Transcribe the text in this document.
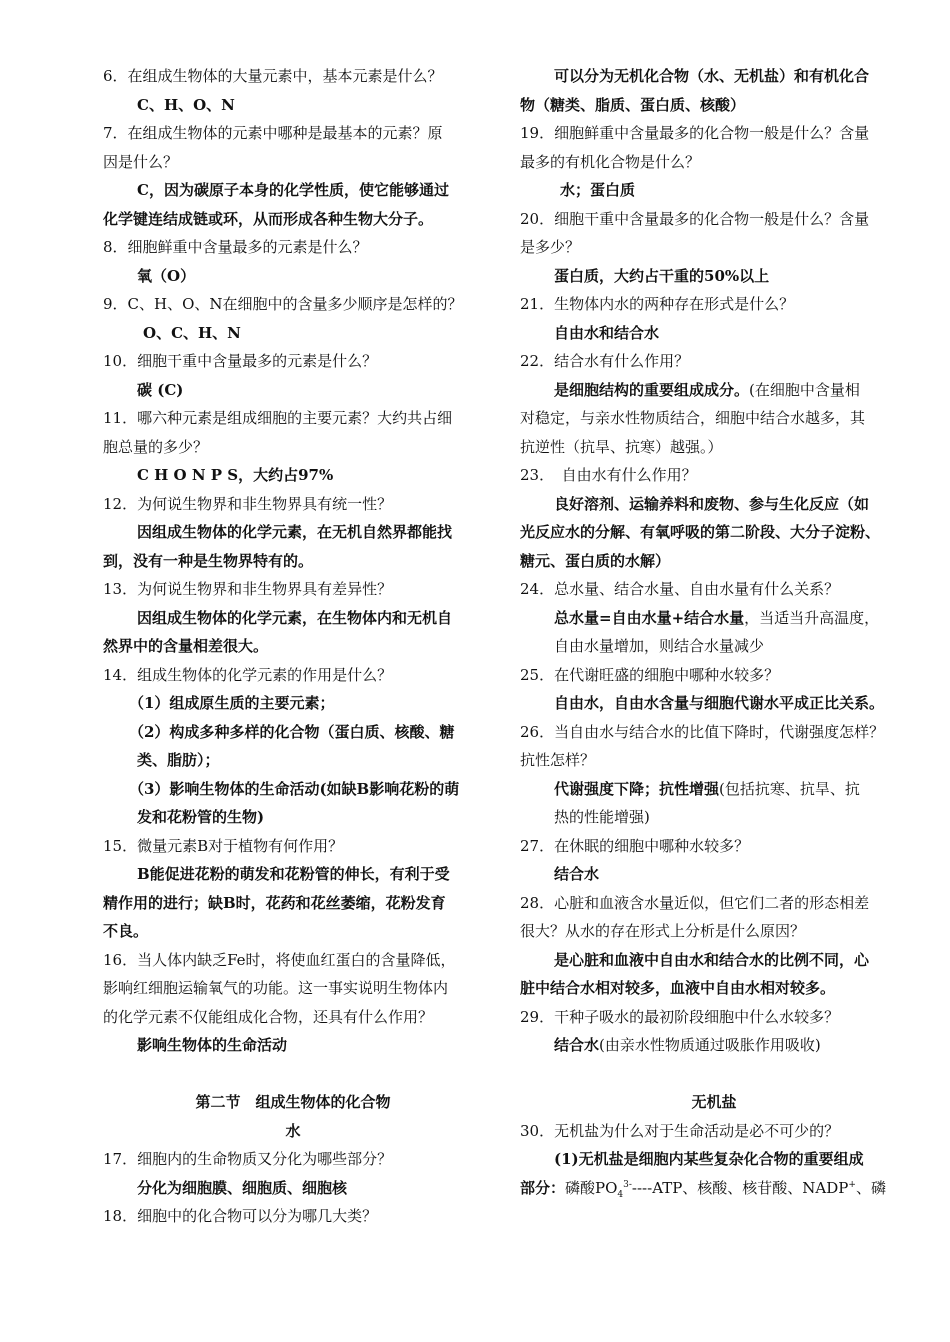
6．在组成生物体的大量元素中，基本元素是什么？
C、H、O、N
7．在组成生物体的元素中哪种是最基本的元素？原
因是什么？
C，因为碳原子本身的化学性质，使它能够通过
化学键连结成链或环，从而形成各种生物大分子。
8．细胞鲜重中含量最多的元素是什么？
氧（O）
9．C、H、O、N在细胞中的含量多少顺序是怎样的？
O、C、H、N
10．细胞干重中含量最多的元素是什么？
碳 (C)
11．哪六种元素是组成细胞的主要元素？大约共占细
胞总量的多少？
C H O N P S，大约占97%
12．为何说生物界和非生物界具有统一性？
因组成生物体的化学元素，在无机自然界都能找
到，没有一种是生物界特有的。
13．为何说生物界和非生物界具有差异性？
因组成生物体的化学元素，在生物体内和无机自
然界中的含量相差很大。
14．组成生物体的化学元素的作用是什么？
（1）组成原生质的主要元素；
（2）构成多种多样的化合物（蛋白质、核酸、糖
类、脂肪）；
（3）影响生物体的生命活动(如缺B影响花粉的萌
发和花粉管的生物)
15．微量元素B对于植物有何作用？
B能促进花粉的萌发和花粉管的伸长，有利于受
精作用的进行；缺B时，花药和花丝萎缩，花粉发育
不良。
16．当人体内缺乏Fe时，将使血红蛋白的含量降低，
影响红细胞运输氧气的功能。这一事实说明生物体内
的化学元素不仅能组成化合物，还具有什么作用？
影响生物体的生命活动
第二节　组成生物体的化合物
水
17．细胞内的生命物质又分化为哪些部分？
分化为细胞膜、细胞质、细胞核
18．细胞中的化合物可以分为哪几大类？
可以分为无机化合物（水、无机盐）和有机化合
物（糖类、脂质、蛋白质、核酸）
19．细胞鲜重中含量最多的化合物一般是什么？含量
最多的有机化合物是什么？
水；蛋白质
20．细胞干重中含量最多的化合物一般是什么？含量
是多少？
蛋白质，大约占干重的50%以上
21．生物体内水的两种存在形式是什么？
自由水和结合水
22．结合水有什么作用？
是细胞结构的重要组成成分。(在细胞中含量相
对稳定，与亲水性物质结合，细胞中结合水越多，其
抗逆性（抗旱、抗寒）越强。）
23．　自由水有什么作用？
良好溶剂、运输养料和废物、参与生化反应（如
光反应水的分解、有氧呼吸的第二阶段、大分子淀粉、
糖元、蛋白质的水解）
24．总水量、结合水量、自由水量有什么关系？
总水量=自由水量+结合水量，当适当升高温度，
自由水量增加，则结合水量减少
25．在代谢旺盛的细胞中哪种水较多？
自由水，自由水含量与细胞代谢水平成正比关系。
26．当自由水与结合水的比值下降时，代谢强度怎样？
抗性怎样？
代谢强度下降；抗性增强(包括抗寒、抗旱、抗
热的性能增强)
27．在休眠的细胞中哪种水较多？
结合水
28．心脏和血液含水量近似，但它们二者的形态相差
很大？从水的存在形式上分析是什么原因？
是心脏和血液中自由水和结合水的比例不同，心
脏中结合水相对较多，血液中自由水相对较多。
29．干种子吸水的最初阶段细胞中什么水较多？
结合水(由亲水性物质通过吸胀作用吸收)
无机盐
30．无机盐为什么对于生命活动是必不可少的？
(1)无机盐是细胞内某些复杂化合物的重要组成
部分：磷酸$PO_4^{3-}---$-ATP、核酸、核苷酸、NADP+、磷
